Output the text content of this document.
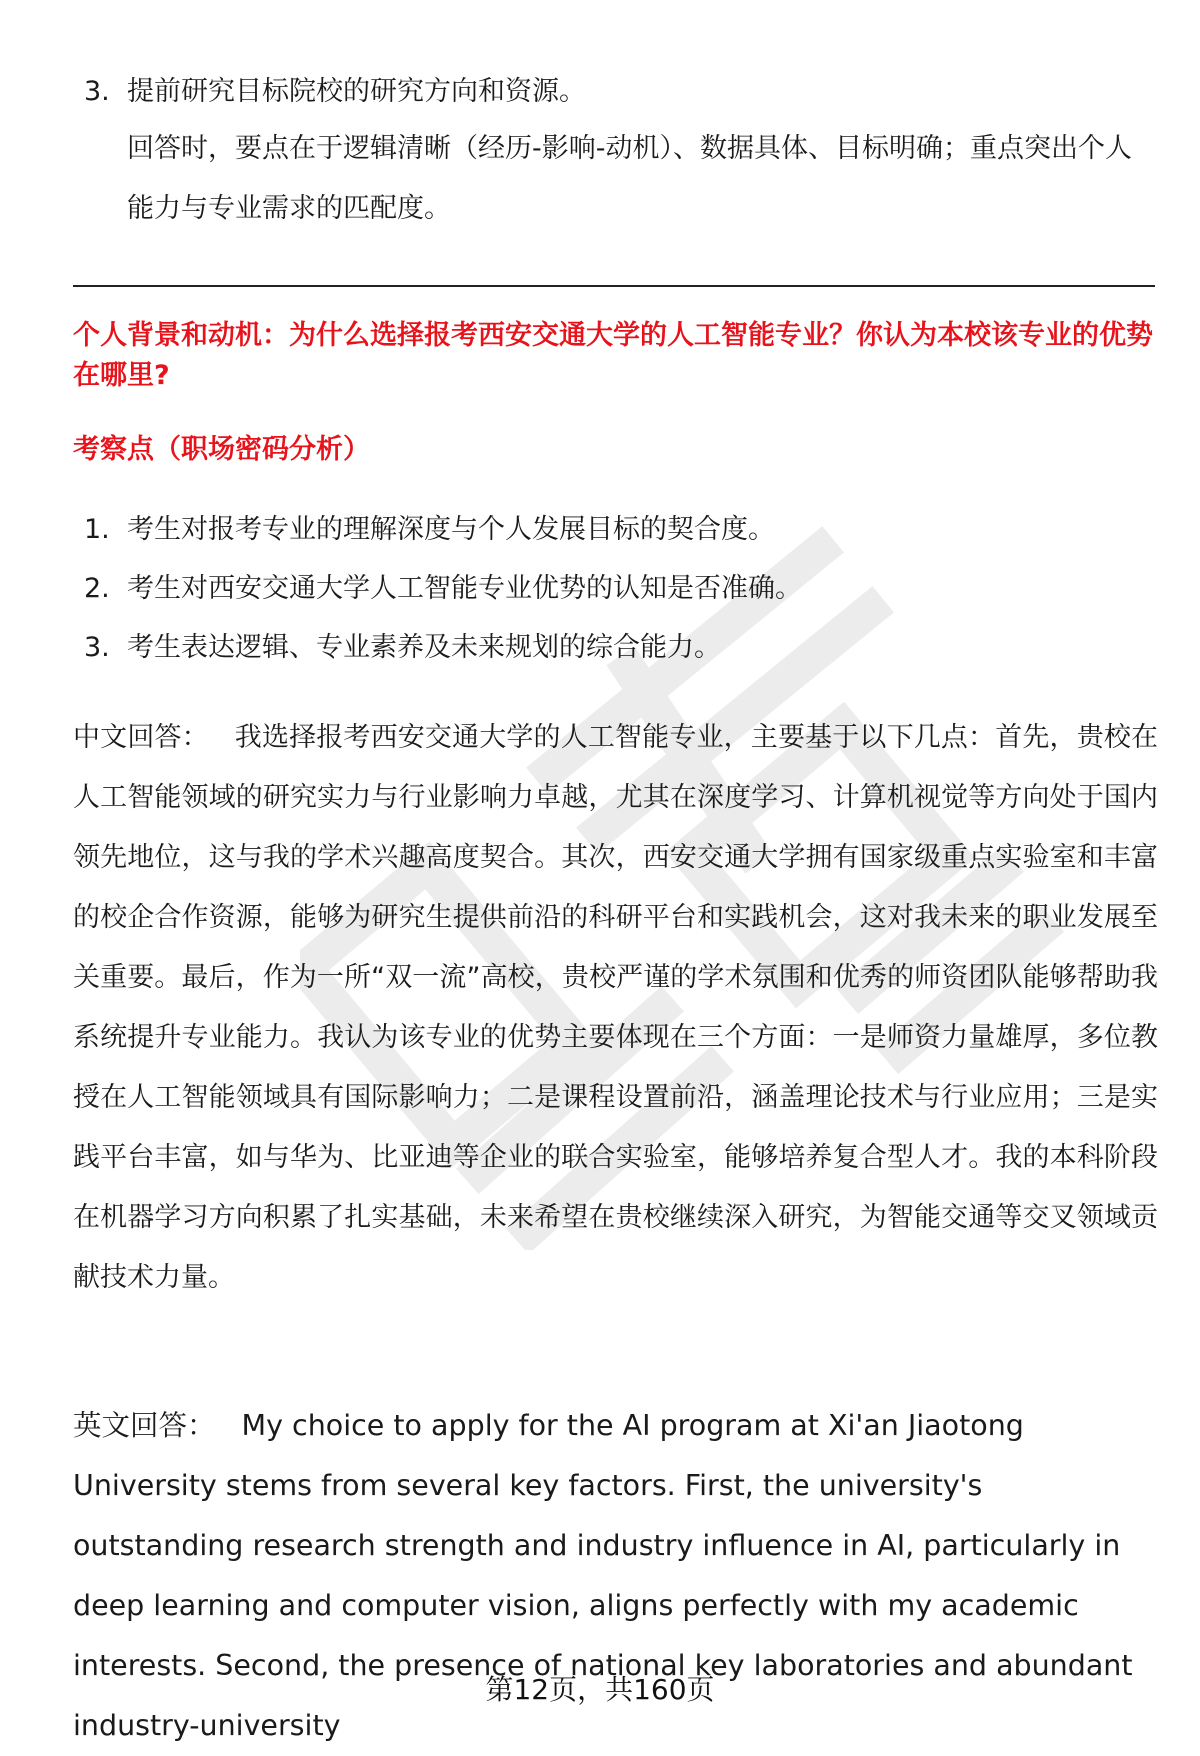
3. 提前研究目标院校的研究方向和资源。
回答时，要点在于逻辑清晰（经历-影响-动机）、数据具体、目标明确；重点突出个人能力与专业需求的匹配度。
个人背景和动机：为什么选择报考西安交通大学的人工智能专业？你认为本校该专业的优势在哪里?
考察点（职场密码分析）
1. 考生对报考专业的理解深度与个人发展目标的契合度。
2. 考生对西安交通大学人工智能专业优势的认知是否准确。
3. 考生表达逻辑、专业素养及未来规划的综合能力。
中文回答： 我选择报考西安交通大学的人工智能专业，主要基于以下几点：首先，贵校在人工智能领域的研究实力与行业影响力卓越，尤其在深度学习、计算机视觉等方向处于国内领先地位，这与我的学术兴趣高度契合。其次，西安交通大学拥有国家级重点实验室和丰富的校企合作资源，能够为研究生提供前沿的科研平台和实践机会，这对我未来的职业发展至关重要。最后，作为一所“双一流”高校，贵校严谨的学术氛围和优秀的师资团队能够帮助我系统提升专业能力。我认为该专业的优势主要体现在三个方面：一是师资力量雄厚，多位教授在人工智能领域具有国际影响力；二是课程设置前沿，涵盖理论技术与行业应用；三是实践平台丰富，如与华为、比亚迪等企业的联合实验室，能够培养复合型人才。我的本科阶段在机器学习方向积累了扎实基础，未来希望在贵校继续深入研究，为智能交通等交叉领域贡献技术力量。
英文回答： My choice to apply for the AI program at Xi'an Jiaotong University stems from several key factors. First, the university's outstanding research strength and industry influence in AI, particularly in deep learning and computer vision, aligns perfectly with my academic interests. Second, the presence of national key laboratories and abundant industry-university
第12页，共160页
